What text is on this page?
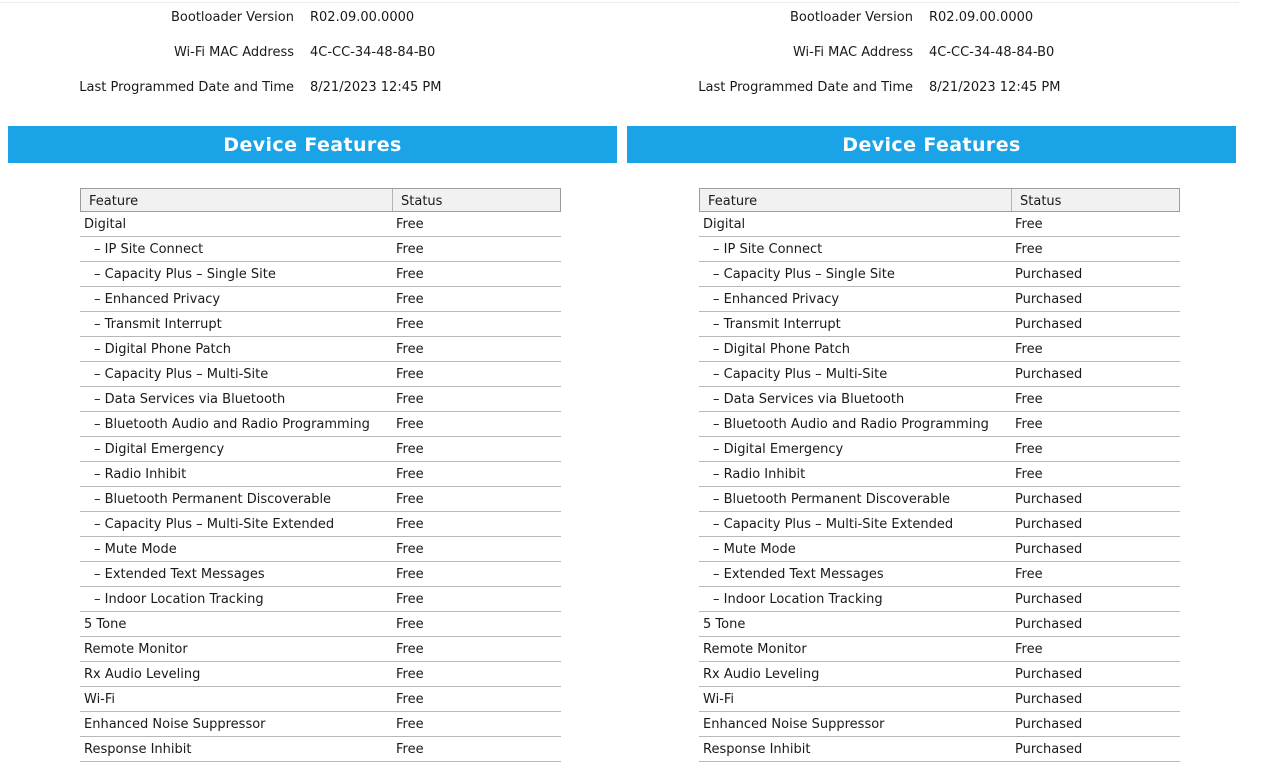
Bootloader Version R02.09.00.0000
Wi-Fi MAC Address 4C-CC-34-48-84-B0
Last Programmed Date and Time 8/21/2023 12:45 PM
Device Features
Feature	Status
Digital	Free
– IP Site Connect	Free
– Capacity Plus – Single Site	Free
– Enhanced Privacy	Free
– Transmit Interrupt	Free
– Digital Phone Patch	Free
– Capacity Plus – Multi-Site	Free
– Data Services via Bluetooth	Free
– Bluetooth Audio and Radio Programming Free
– Digital Emergency	Free
– Radio Inhibit	Free
– Bluetooth Permanent Discoverable	Free
– Capacity Plus – Multi-Site Extended	Free
– Mute Mode	Free
– Extended Text Messages	Free
– Indoor Location Tracking	Free
5 Tone	Free
Remote Monitor	Free
Rx Audio Leveling	Free
Wi-Fi	Free
Enhanced Noise Suppressor	Free
Response Inhibit	Free
Bootloader Version R02.09.00.0000
Wi-Fi MAC Address 4C-CC-34-48-84-B0
Last Programmed Date and Time 8/21/2023 12:45 PM
Device Features
Feature	Status
Digital	Free
– IP Site Connect	Free
– Capacity Plus – Single Site	Purchased
– Enhanced Privacy	Purchased
– Transmit Interrupt	Purchased
– Digital Phone Patch	Free
– Capacity Plus – Multi-Site	Purchased
– Data Services via Bluetooth	Free
– Bluetooth Audio and Radio Programming Free
– Digital Emergency	Free
– Radio Inhibit	Free
– Bluetooth Permanent Discoverable	Purchased
– Capacity Plus – Multi-Site Extended	Purchased
– Mute Mode	Purchased
– Extended Text Messages	Free
– Indoor Location Tracking	Purchased
5 Tone	Purchased
Remote Monitor	Free
Rx Audio Leveling	Purchased
Wi-Fi	Purchased
Enhanced Noise Suppressor	Purchased
Response Inhibit	Purchased
